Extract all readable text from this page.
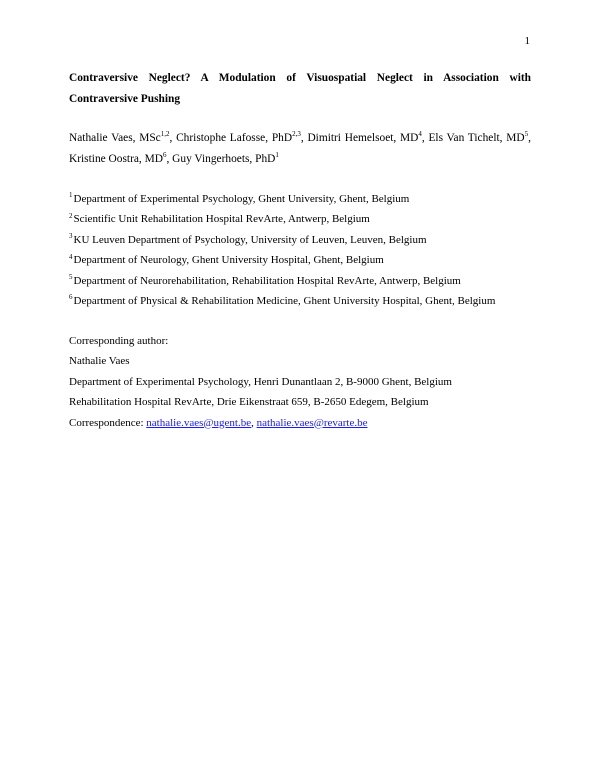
1
Contraversive Neglect? A Modulation of Visuospatial Neglect in Association with Contraversive Pushing
Nathalie Vaes, MSc$^{1,2}$, Christophe Lafosse, PhD$^{2,3}$, Dimitri Hemelsoet, $MD^4$, Els Van Tichelt, $MD^5$, Kristine Oostra, $MD^6$, Guy Vingerhoets, PhD$^1$
$^1$Department of Experimental Psychology, Ghent University, Ghent, Belgium
$^2$Scientific Unit Rehabilitation Hospital RevArte, Antwerp, Belgium
$^3$KU Leuven Department of Psychology, University of Leuven, Leuven, Belgium
$^4$Department of Neurology, Ghent University Hospital, Ghent, Belgium
$^5$Department of Neurorehabilitation, Rehabilitation Hospital RevArte, Antwerp, Belgium
$^6$Department of Physical & Rehabilitation Medicine, Ghent University Hospital, Ghent, Belgium
Corresponding author:
Nathalie Vaes
Department of Experimental Psychology, Henri Dunantlaan 2, B-9000 Ghent, Belgium
Rehabilitation Hospital RevArte, Drie Eikenstraat 659, B-2650 Edegem, Belgium
Correspondence: nathalie.vaes@ugent.be, nathalie.vaes@revarte.be
